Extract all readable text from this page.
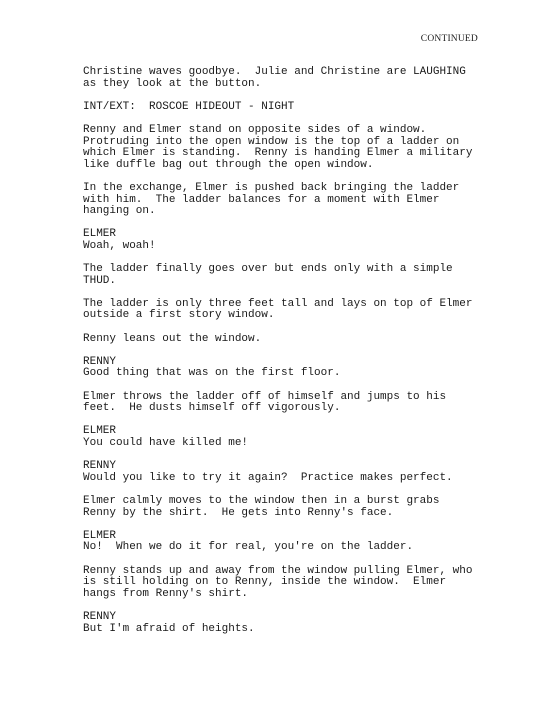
CONTINUED
Christine waves goodbye.  Julie and Christine are LAUGHING
as they look at the button.
INT/EXT:  ROSCOE HIDEOUT - NIGHT
Renny and Elmer stand on opposite sides of a window.
Protruding into the open window is the top of a ladder on
which Elmer is standing.  Renny is handing Elmer a military
like duffle bag out through the open window.
In the exchange, Elmer is pushed back bringing the ladder
with him.  The ladder balances for a moment with Elmer
hanging on.
ELMER
Woah, woah!
The ladder finally goes over but ends only with a simple
THUD.
The ladder is only three feet tall and lays on top of Elmer
outside a first story window.
Renny leans out the window.
RENNY
Good thing that was on the first floor.
Elmer throws the ladder off of himself and jumps to his
feet.  He dusts himself off vigorously.
ELMER
You could have killed me!
RENNY
Would you like to try it again?  Practice makes perfect.
Elmer calmly moves to the window then in a burst grabs
Renny by the shirt.  He gets into Renny's face.
ELMER
No!  When we do it for real, you're on the ladder.
Renny stands up and away from the window pulling Elmer, who
is still holding on to Renny, inside the window.  Elmer
hangs from Renny's shirt.
RENNY
But I'm afraid of heights.
